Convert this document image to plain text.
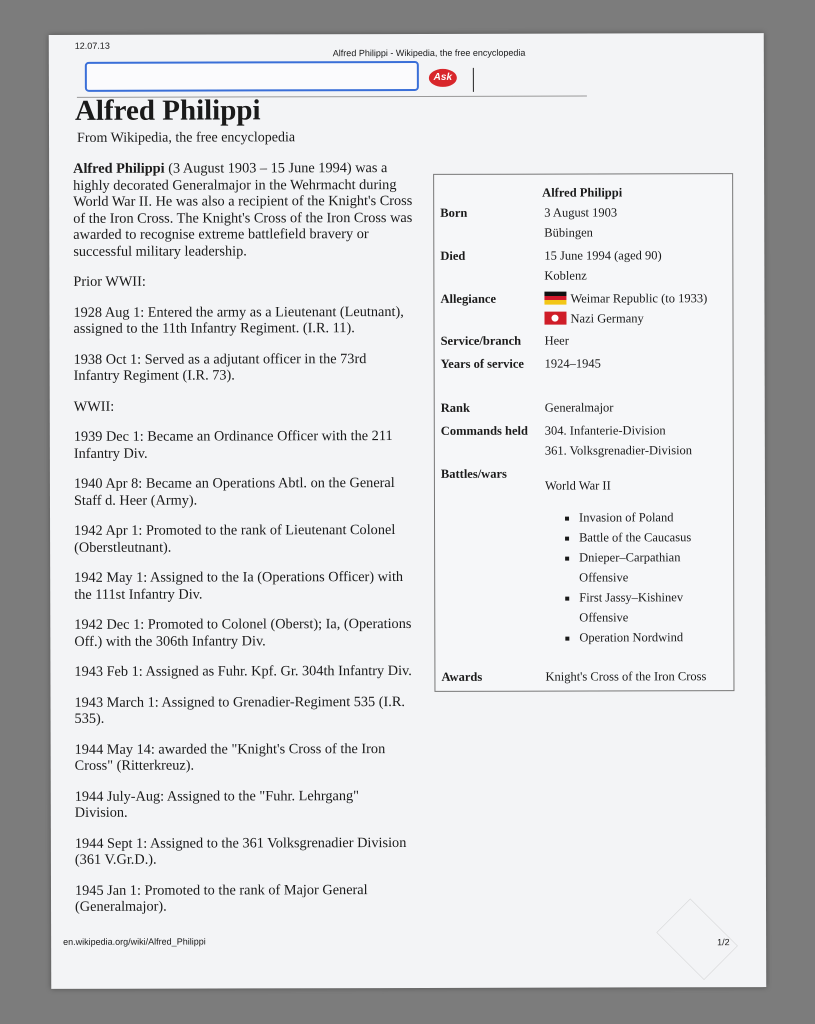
12.07.13
Alfred Philippi - Wikipedia, the free encyclopedia
Ask
Alfred Philippi
From Wikipedia, the free encyclopedia

Alfred Philippi (3 August 1903 – 15 June 1994) was a highly decorated Generalmajor in the Wehrmacht during World War II. He was also a recipient of the Knight's Cross of the Iron Cross. The Knight's Cross of the Iron Cross was awarded to recognise extreme battlefield bravery or successful military leadership.

Prior WWII:

1928 Aug 1: Entered the army as a Lieutenant (Leutnant), assigned to the 11th Infantry Regiment. (I.R. 11).

1938 Oct 1: Served as a adjutant officer in the 73rd Infantry Regiment (I.R. 73).

WWII:

1939 Dec 1: Became an Ordinance Officer with the 211 Infantry Div.

1940 Apr 8: Became an Operations Abtl. on the General Staff d. Heer (Army).

1942 Apr 1: Promoted to the rank of Lieutenant Colonel (Oberstleutnant).

1942 May 1: Assigned to the Ia (Operations Officer) with the 111st Infantry Div.

1942 Dec 1: Promoted to Colonel (Oberst); Ia, (Operations Off.) with the 306th Infantry Div.

1943 Feb 1: Assigned as Fuhr. Kpf. Gr. 304th Infantry Div.

1943 March 1: Assigned to Grenadier-Regiment 535 (I.R. 535).

1944 May 14: awarded the "Knight's Cross of the Iron Cross" (Ritterkreuz).

1944 July-Aug: Assigned to the "Fuhr. Lehrgang" Division.

1944 Sept 1: Assigned to the 361 Volksgrenadier Division (361 V.Gr.D.).

1945 Jan 1: Promoted to the rank of Major General (Generalmajor).

Alfred Philippi
Born	3 August 1903
Bübingen
Died	15 June 1994 (aged 90)
Koblenz
Allegiance	Weimar Republic (to 1933)
Nazi Germany
Service/branch	Heer
Years of service	1924–1945
Rank	Generalmajor
Commands held	304. Infanterie-Division
361. Volksgrenadier-Division
Battles/wars
World War II
▪ Invasion of Poland
▪ Battle of the Caucasus
▪ Dnieper–Carpathian Offensive
▪ First Jassy–Kishinev Offensive
▪ Operation Nordwind
Awards	Knight's Cross of the Iron Cross
en.wikipedia.org/wiki/Alfred_Philippi	1/2
